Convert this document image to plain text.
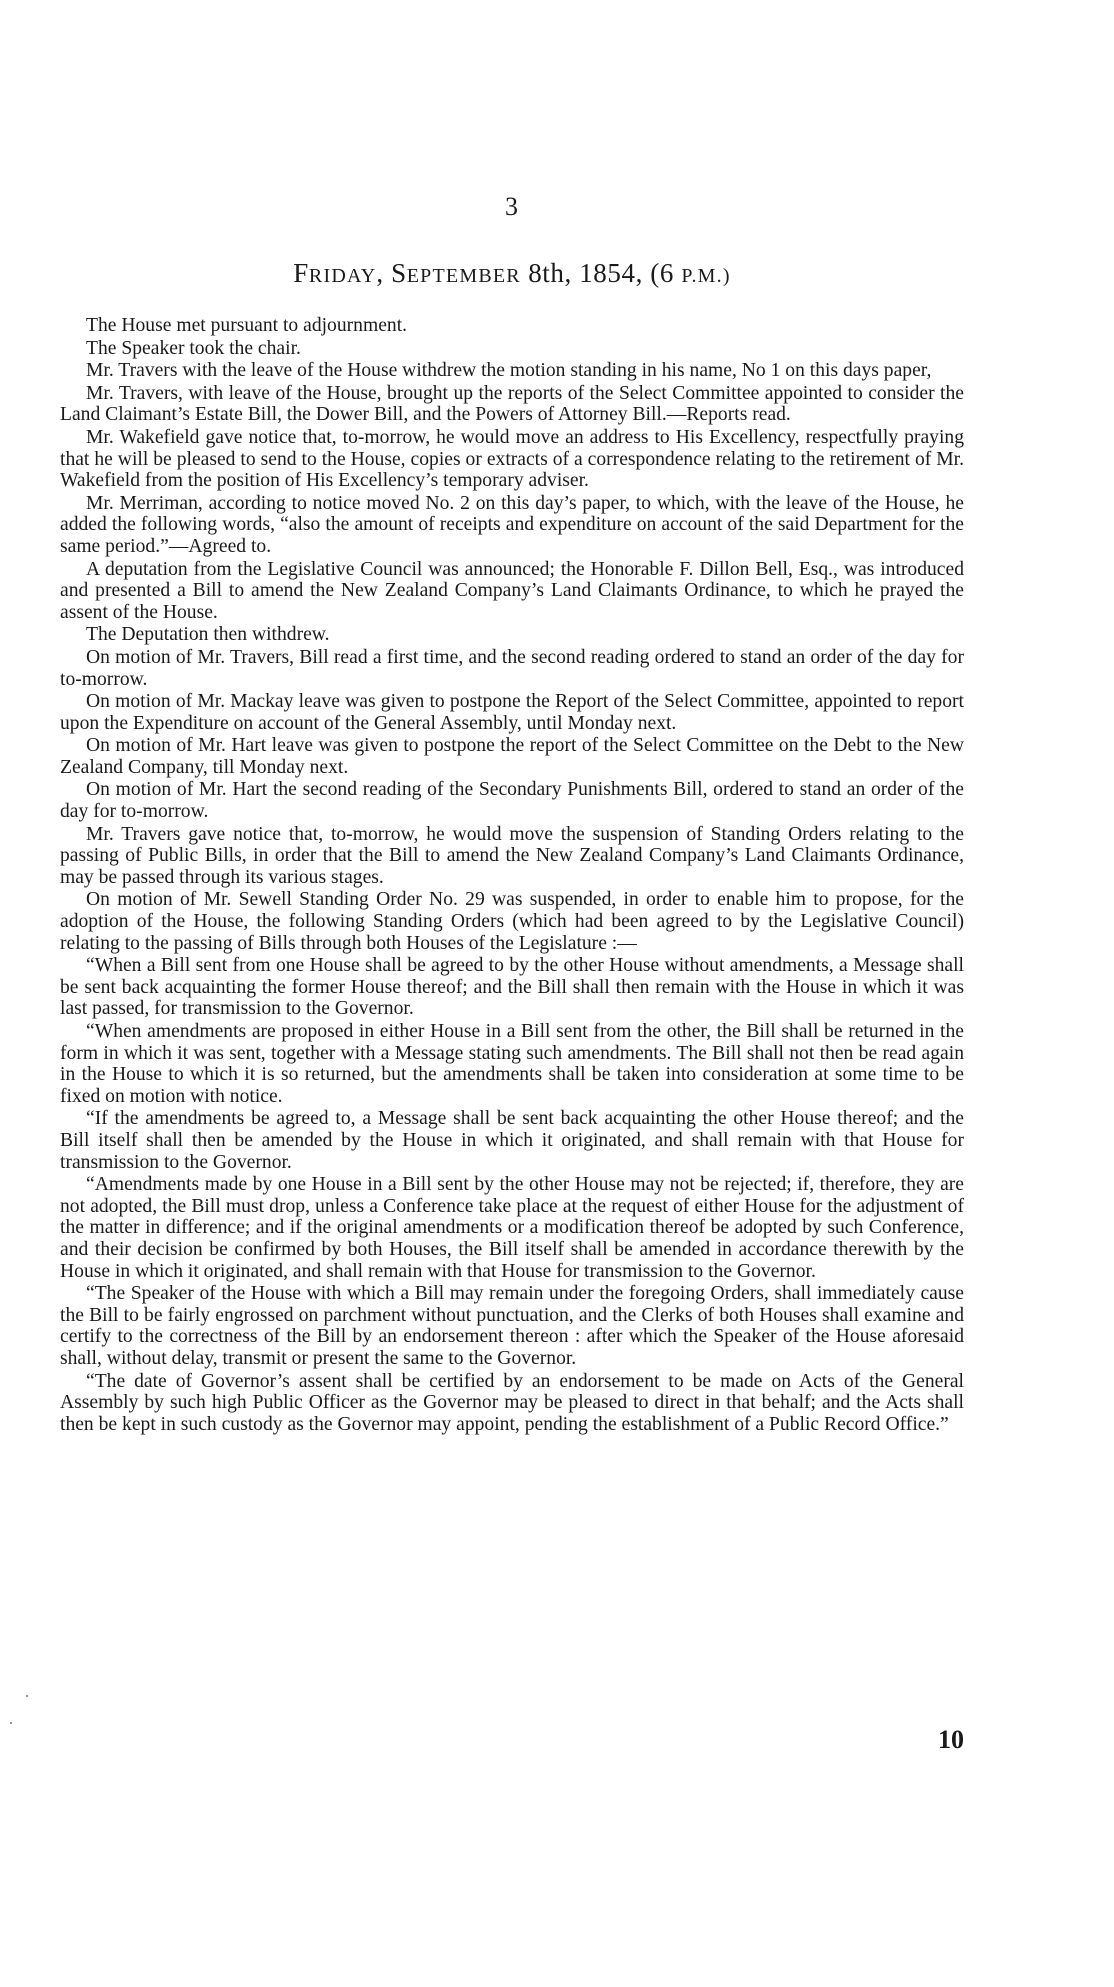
3
FRIDAY, SEPTEMBER 8th, 1854, (6 P.M.)

The House met pursuant to adjournment.

The Speaker took the chair.

Mr. Travers with the leave of the House withdrew the motion standing in his name, No 1 on this days paper,

Mr. Travers, with leave of the House, brought up the reports of the Select Committee appointed to consider the Land Claimant’s Estate Bill, the Dower Bill, and the Powers of Attorney Bill.—Reports read.

Mr. Wakefield gave notice that, to-morrow, he would move an address to His Excellency, respectfully praying that he will be pleased to send to the House, copies or extracts of a correspondence relating to the retirement of Mr. Wakefield from the position of His Excellency’s temporary adviser.

Mr. Merriman, according to notice moved No. 2 on this day’s paper, to which, with the leave of the House, he added the following words, “also the amount of receipts and expenditure on account of the said Department for the same period.”—Agreed to.

A deputation from the Legislative Council was announced; the Honorable F. Dillon Bell, Esq., was introduced and presented a Bill to amend the New Zealand Company’s Land Claimants Ordinance, to which he prayed the assent of the House.

The Deputation then withdrew.

On motion of Mr. Travers, Bill read a first time, and the second reading ordered to stand an order of the day for to-morrow.

On motion of Mr. Mackay leave was given to postpone the Report of the Select Committee, appointed to report upon the Expenditure on account of the General Assembly, until Monday next.

On motion of Mr. Hart leave was given to postpone the report of the Select Committee on the Debt to the New Zealand Company, till Monday next.

On motion of Mr. Hart the second reading of the Secondary Punishments Bill, ordered to stand an order of the day for to-morrow.

Mr. Travers gave notice that, to-morrow, he would move the suspension of Standing Orders relating to the passing of Public Bills, in order that the Bill to amend the New Zealand Company’s Land Claimants Ordinance, may be passed through its various stages.

On motion of Mr. Sewell Standing Order No. 29 was suspended, in order to enable him to propose, for the adoption of the House, the following Standing Orders (which had been agreed to by the Legislative Council) relating to the passing of Bills through both Houses of the Legislature :—

“When a Bill sent from one House shall be agreed to by the other House without amendments, a Message shall be sent back acquainting the former House thereof; and the Bill shall then remain with the House in which it was last passed, for transmission to the Governor.

“When amendments are proposed in either House in a Bill sent from the other, the Bill shall be returned in the form in which it was sent, together with a Message stating such amendments. The Bill shall not then be read again in the House to which it is so returned, but the amendments shall be taken into consideration at some time to be fixed on motion with notice.

“If the amendments be agreed to, a Message shall be sent back acquainting the other House thereof; and the Bill itself shall then be amended by the House in which it originated, and shall remain with that House for transmission to the Governor.

“Amendments made by one House in a Bill sent by the other House may not be rejected; if, therefore, they are not adopted, the Bill must drop, unless a Conference take place at the request of either House for the adjustment of the matter in difference; and if the original amendments or a modification thereof be adopted by such Conference, and their decision be confirmed by both Houses, the Bill itself shall be amended in accordance therewith by the House in which it originated, and shall remain with that House for transmission to the Governor.

“The Speaker of the House with which a Bill may remain under the foregoing Orders, shall immediately cause the Bill to be fairly engrossed on parchment without punctuation, and the Clerks of both Houses shall examine and certify to the correctness of the Bill by an endorsement thereon : after which the Speaker of the House aforesaid shall, without delay, transmit or present the same to the Governor.

“The date of Governor’s assent shall be certified by an endorsement to be made on Acts of the General Assembly by such high Public Officer as the Governor may be pleased to direct in that behalf; and the Acts shall then be kept in such custody as the Governor may appoint, pending the establishment of a Public Record Office.”

10
